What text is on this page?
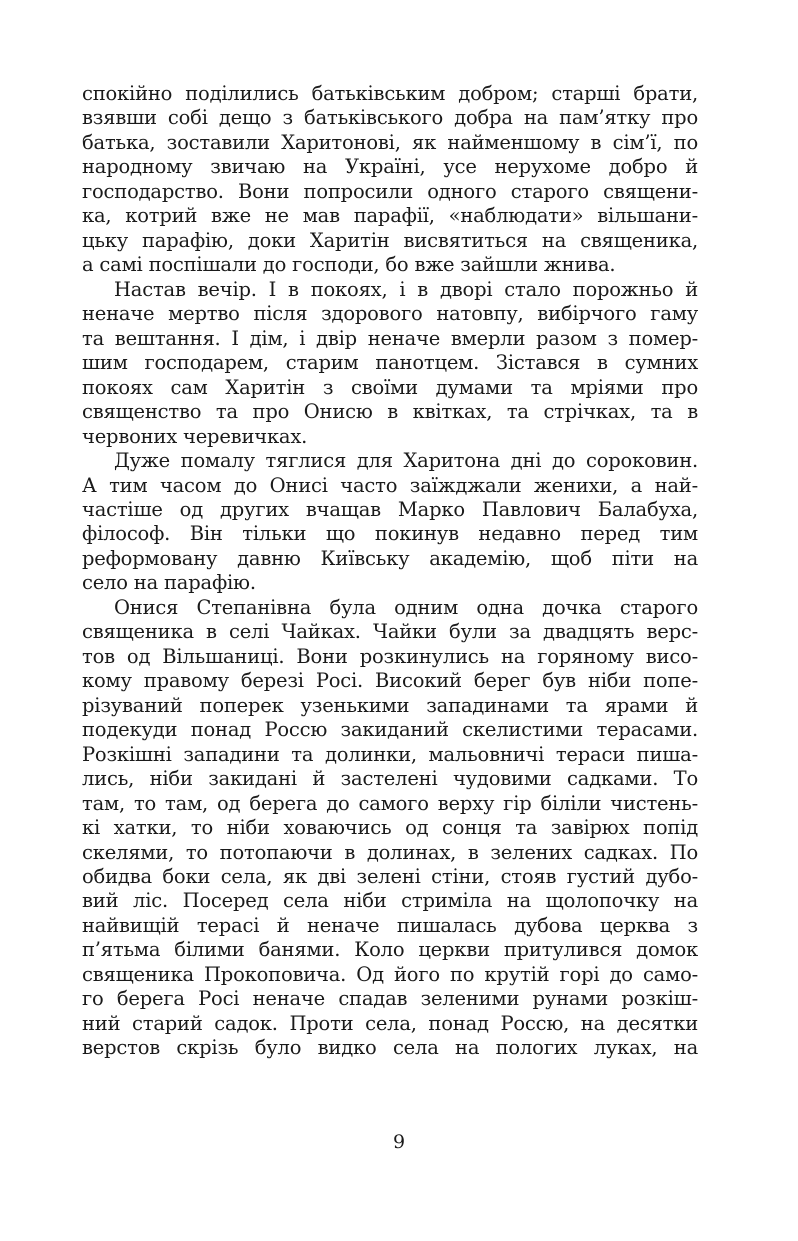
спокійно поділились батьківським добром; старші брати,
взявши собі дещо з батьківського добра на пам’ятку про
батька, зоставили Харитонові, як найменшому в сім’ї, по
народному звичаю на Україні, усе нерухоме добро й
господарство. Вони попросили одного старого священи-
ка, котрий вже не мав парафії, «наблюдати» вільшани-
цьку парафію, доки Харитін висвятиться на священика,
а самі поспішали до господи, бо вже зайшли жнива.
Настав вечір. І в покоях, і в дворі стало порожньо й
неначе мертво після здорового натовпу, вибірчого гаму
та вештання. І дім, і двір неначе вмерли разом з помер-
шим господарем, старим панотцем. Зістався в сумних
покоях сам Харитін з своїми думами та мріями про
священство та про Онисю в квітках, та стрічках, та в
червоних черевичках.
Дуже помалу тяглися для Харитона дні до сороковин.
А тим часом до Онисі часто заїжджали женихи, а най-
частіше од других вчащав Марко Павлович Балабуха,
філософ. Він тільки що покинув недавно перед тим
реформовану давню Київську академію, щоб піти на
село на парафію.
Онися Степанівна була одним одна дочка старого
священика в селі Чайках. Чайки були за двадцять верс-
тов од Вільшаниці. Вони розкинулись на горяному висо-
кому правому березі Росі. Високий берег був ніби попе-
різуваний поперек узенькими западинами та ярами й
подекуди понад Россю закиданий скелистими терасами.
Розкішні западини та долинки, мальовничі тераси пиша-
лись, ніби закидані й застелені чудовими садками. То
там, то там, од берега до самого верху гір біліли чистень-
кі хатки, то ніби ховаючись од сонця та завірюх попід
скелями, то потопаючи в долинах, в зелених садках. По
обидва боки села, як дві зелені стіни, стояв густий дубо-
вий ліс. Посеред села ніби стриміла на щолопочку на
найвищій терасі й неначе пишалась дубова церква з
п’ятьма білими банями. Коло церкви притулився домок
священика Прокоповича. Од його по крутій горі до само-
го берега Росі неначе спадав зеленими рунами розкіш-
ний старий садок. Проти села, понад Россю, на десятки
верстов скрізь було видко села на пологих луках, на
9
